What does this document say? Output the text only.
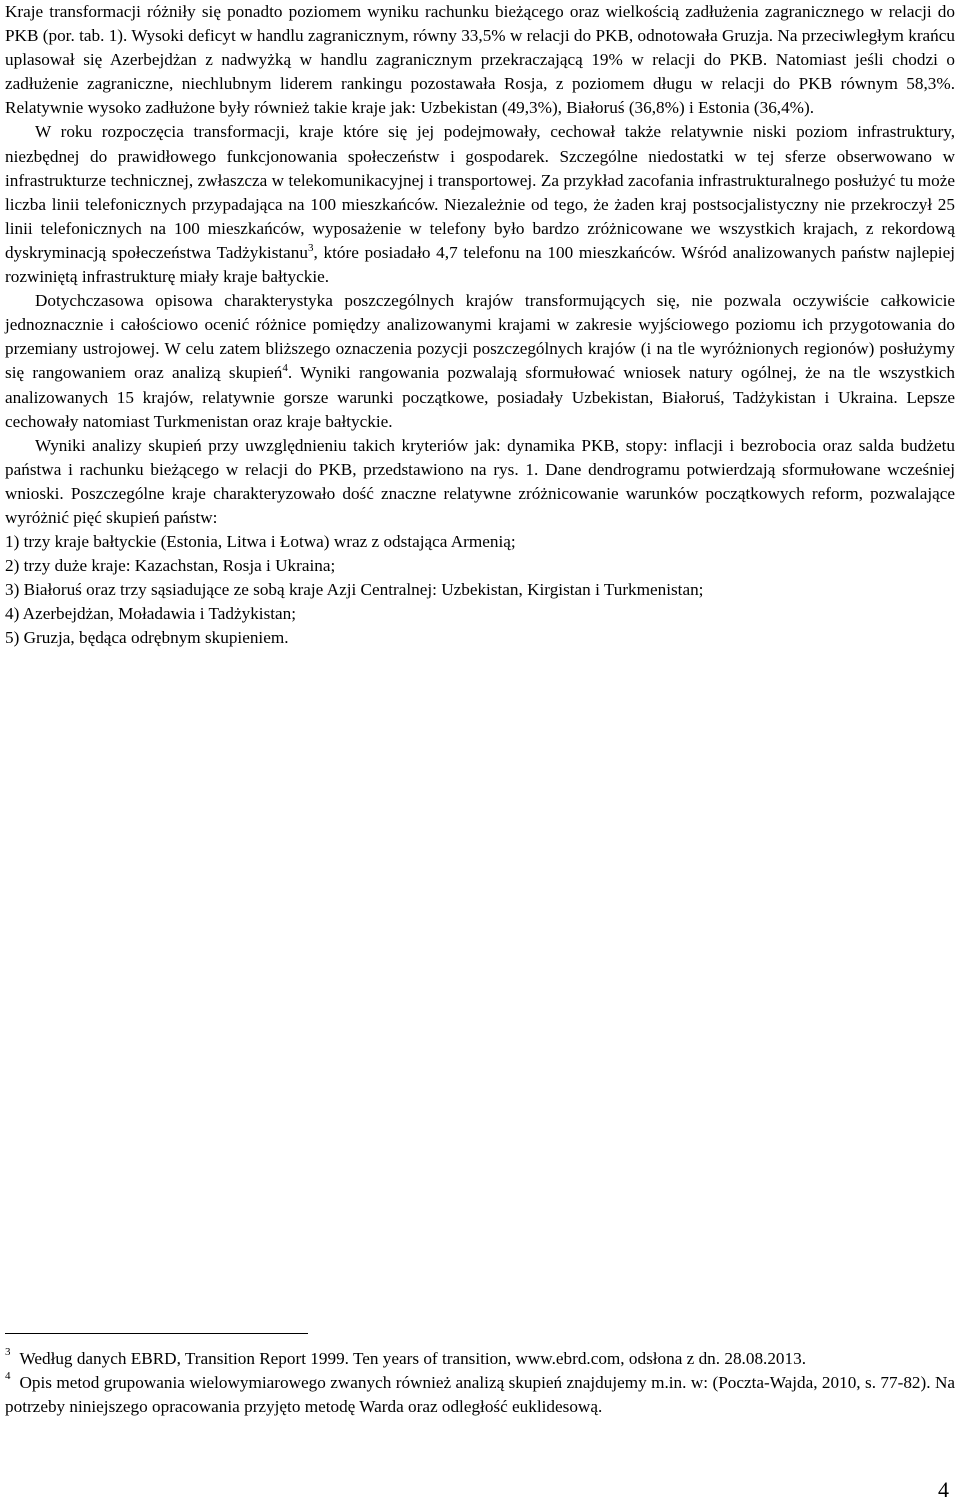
Kraje transformacji różniły się ponadto poziomem wyniku rachunku bieżącego oraz wielkością zadłużenia zagranicznego w relacji do PKB (por. tab. 1). Wysoki deficyt w handlu zagranicznym, równy 33,5% w relacji do PKB, odnotowała Gruzja. Na przeciwległym krańcu uplasował się Azerbejdżan z nadwyżką w handlu zagranicznym przekraczającą 19% w relacji do PKB. Natomiast jeśli chodzi o zadłużenie zagraniczne, niechlubnym liderem rankingu pozostawała Rosja, z poziomem długu w relacji do PKB równym 58,3%. Relatywnie wysoko zadłużone były również takie kraje jak: Uzbekistan (49,3%), Białoruś (36,8%) i Estonia (36,4%).

W roku rozpoczęcia transformacji, kraje które się jej podejmowały, cechował także relatywnie niski poziom infrastruktury, niezbędnej do prawidłowego funkcjonowania społeczeństw i gospodarek. Szczególne niedostatki w tej sferze obserwowano w infrastrukturze technicznej, zwłaszcza w telekomunikacyjnej i transportowej. Za przykład zacofania infrastrukturalnego posłużyć tu może liczba linii telefonicznych przypadająca na 100 mieszkańców. Niezależnie od tego, że żaden kraj postsocjalistyczny nie przekroczył 25 linii telefonicznych na 100 mieszkańców, wyposażenie w telefony było bardzo zróżnicowane we wszystkich krajach, z rekordową dyskryminacją społeczeństwa Tadżykistanu$^3$, które posiadało 4,7 telefonu na 100 mieszkańców. Wśród analizowanych państw najlepiej rozwiniętą infrastrukturę miały kraje bałtyckie.

Dotychczasowa opisowa charakterystyka poszczególnych krajów transformujących się, nie pozwala oczywiście całkowicie jednoznacznie i całościowo ocenić różnice pomiędzy analizowanymi krajami w zakresie wyjściowego poziomu ich przygotowania do przemiany ustrojowej. W celu zatem bliższego oznaczenia pozycji poszczególnych krajów (i na tle wyróżnionych regionów) posłużymy się rangowaniem oraz analizą skupień$^4$. Wyniki rangowania pozwalają sformułować wniosek natury ogólnej, że na tle wszystkich analizowanych 15 krajów, relatywnie gorsze warunki początkowe, posiadały Uzbekistan, Białoruś, Tadżykistan i Ukraina. Lepsze cechowały natomiast Turkmenistan oraz kraje bałtyckie.

Wyniki analizy skupień przy uwzględnieniu takich kryteriów jak: dynamika PKB, stopy: inflacji i bezrobocia oraz salda budżetu państwa i rachunku bieżącego w relacji do PKB, przedstawiono na rys. 1. Dane dendrogramu potwierdzają sformułowane wcześniej wnioski. Poszczególne kraje charakteryzowało dość znaczne relatywne zróżnicowanie warunków początkowych reform, pozwalające wyróżnić pięć skupień państw:

1) trzy kraje bałtyckie (Estonia, Litwa i Łotwa) wraz z odstająca Armenią;

2) trzy duże kraje: Kazachstan, Rosja i Ukraina;

3) Białoruś oraz trzy sąsiadujące ze sobą kraje Azji Centralnej: Uzbekistan, Kirgistan i Turkmenistan;

4) Azerbejdżan, Moładawia i Tadżykistan;

5) Gruzja, będąca odrębnym skupieniem.

$^3$ Według danych EBRD, Transition Report 1999. Ten years of transition, www.ebrd.com, odsłona z dn. 28.08.2013.

$^4$ Opis metod grupowania wielowymiarowego zwanych również analizą skupień znajdujemy m.in. w: (Poczta-Wajda, 2010, s. 77-82). Na potrzeby niniejszego opracowania przyjęto metodę Warda oraz odległość euklidesową.

4
